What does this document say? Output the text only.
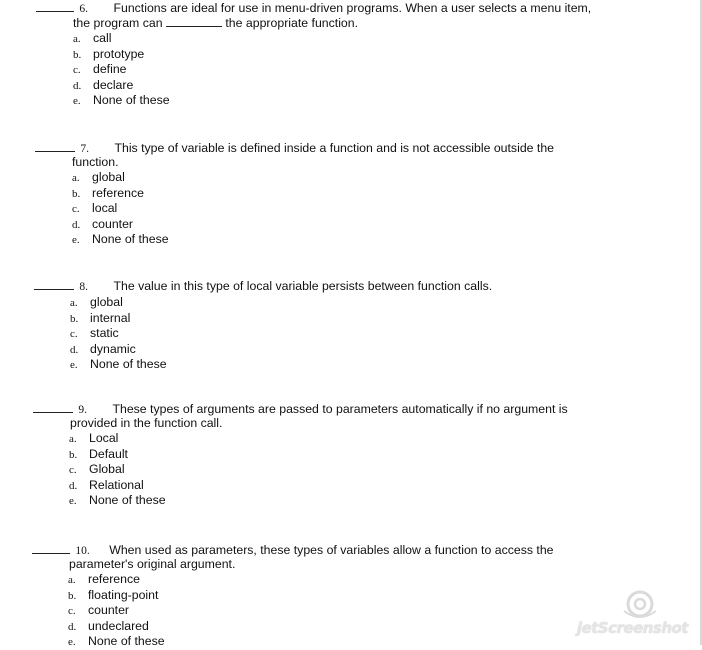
6. Functions are ideal for use in menu-driven programs. When a user selects a menu item,
the program can	the appropriate function.
a. call
b. prototype
c. define
d. declare
e. None of these
7. This type of variable is defined inside a function and is not accessible outside the
function.
a. global
b. reference
c. local
d. counter
e. None of these
8. The value in this type of local variable persists between function calls.
a. global
b. internal
c. static
d. dynamic
e. None of these
9. These types of arguments are passed to parameters automatically if no argument is
provided in the function call.
a. Local
b. Default
c. Global
d. Relational
e. None of these
10. When used as parameters, these types of variables allow a function to access the
parameter's original argument.
a. reference
b. floating-point
c. counter
d. undeclared
e. None of these
jetScreenshot
